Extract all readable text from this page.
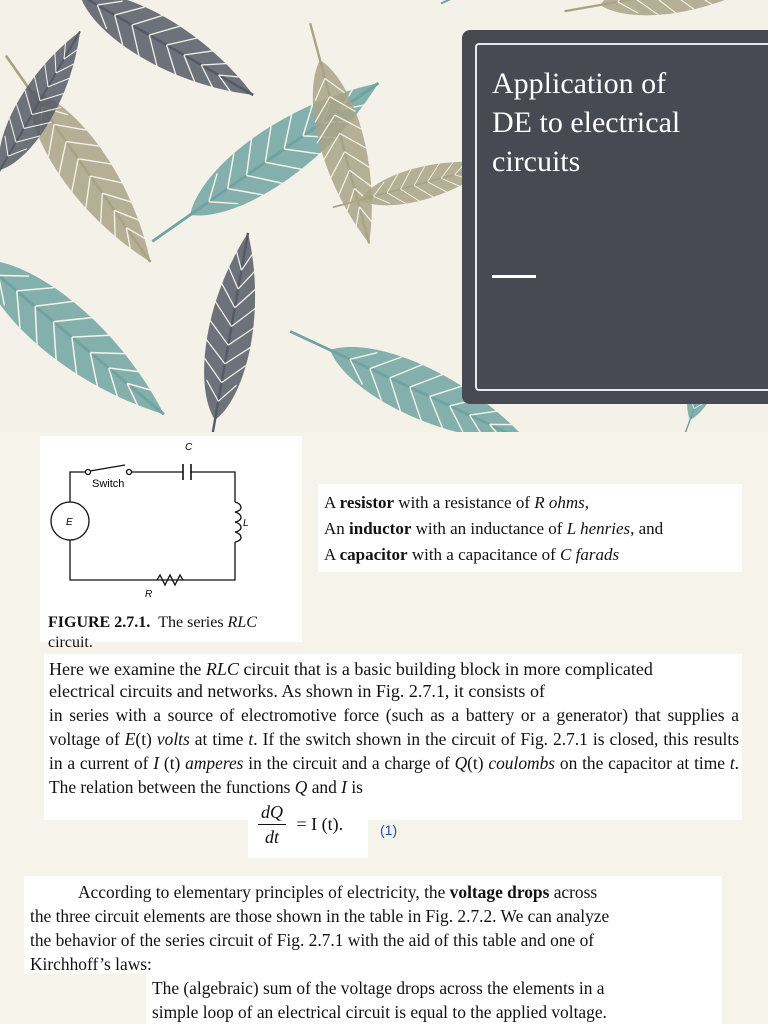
Application of
DE to electrical
circuits
C
Switch
E	L
R
FIGURE 2.7.1. The series RLC
circuit.
A resistor with a resistance of R ohms,
An inductor with an inductance of L henries, and
A capacitor with a capacitance of C farads
Here we examine the RLC circuit that is a basic building block in more complicated
electrical circuits and networks. As shown in Fig. 2.7.1, it consists of
in series with a source of electromotive force (such as a battery or a generator) that supplies a voltage of E(t) volts at time t. If the switch shown in the circuit of Fig. 2.7.1 is closed, this results in a current of I (t) amperes in the circuit and a charge of Q(t) coulombs on the capacitor at time t. The relation between the functions Q and I is
$\frac{dQ}{dt} = I$ (t).	(1)
According to elementary principles of electricity, the voltage drops across
the three circuit elements are those shown in the table in Fig. 2.7.2. We can analyze
the behavior of the series circuit of Fig. 2.7.1 with the aid of this table and one of
Kirchhoff’s laws:
The (algebraic) sum of the voltage drops across the elements in a
simple loop of an electrical circuit is equal to the applied voltage.
